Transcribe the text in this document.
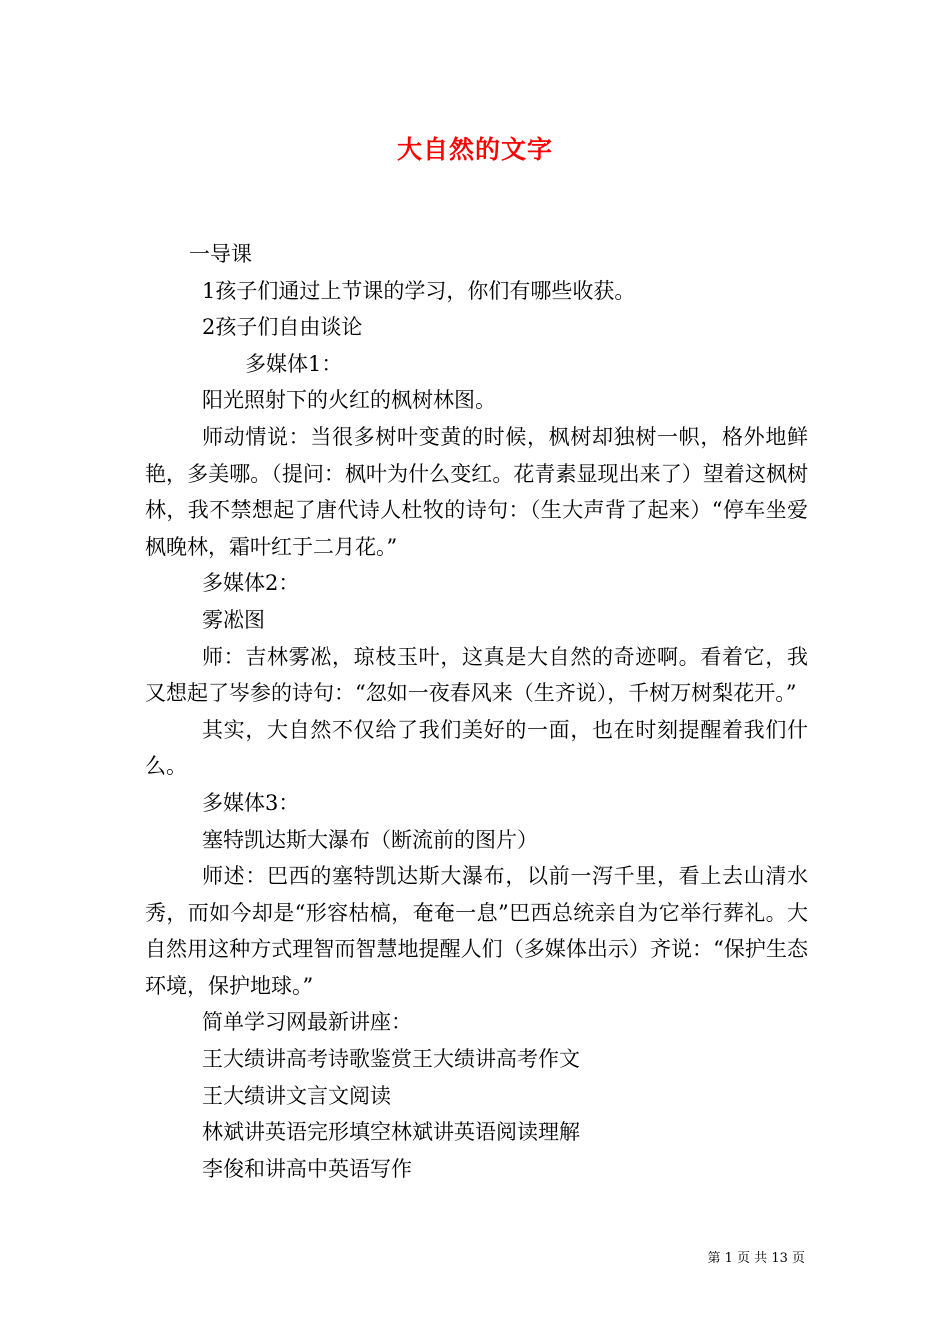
大自然的文字

一导课

1孩子们通过上节课的学习，你们有哪些收获。

2孩子们自由谈论

多媒体1：

阳光照射下的火红的枫树林图。

师动情说：当很多树叶变黄的时候，枫树却独树一帜，格外地鲜艳，多美哪。（提问：枫叶为什么变红。花青素显现出来了）望着这枫树林，我不禁想起了唐代诗人杜牧的诗句：（生大声背了起来）“停车坐爱枫晚林，霜叶红于二月花。”

多媒体2：

雾凇图

师：吉林雾凇，琼枝玉叶，这真是大自然的奇迹啊。看着它，我又想起了岑参的诗句：“忽如一夜春风来（生齐说），千树万树梨花开。”

其实，大自然不仅给了我们美好的一面，也在时刻提醒着我们什么。

多媒体3：

塞特凯达斯大瀑布（断流前的图片）

师述：巴西的塞特凯达斯大瀑布，以前一泻千里，看上去山清水秀，而如今却是“形容枯槁，奄奄一息”巴西总统亲自为它举行葬礼。大自然用这种方式理智而智慧地提醒人们（多媒体出示）齐说：“保护生态环境，保护地球。”

简单学习网最新讲座：

王大绩讲高考诗歌鉴赏王大绩讲高考作文

王大绩讲文言文阅读

林斌讲英语完形填空林斌讲英语阅读理解

李俊和讲高中英语写作

第 1 页 共 13 页
